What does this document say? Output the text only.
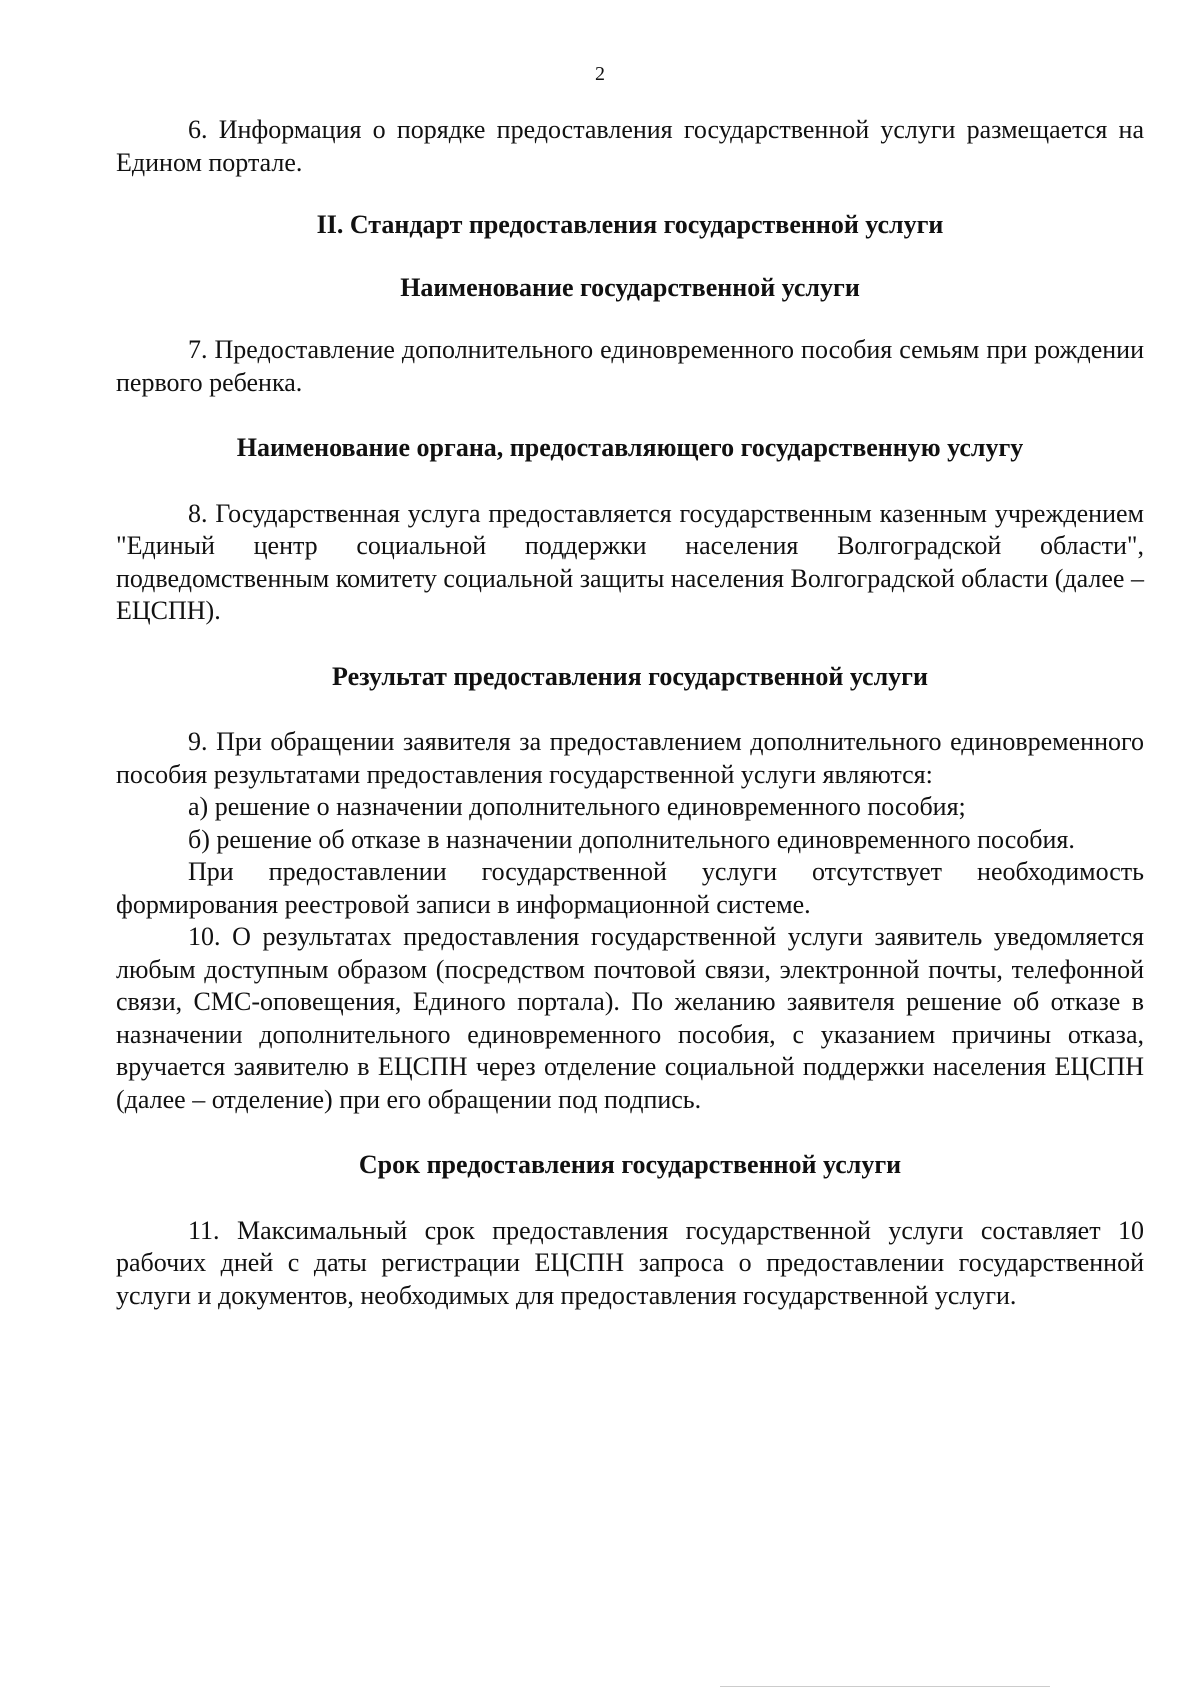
2

6. Информация о порядке предоставления государственной услуги размещается на Едином портале.

II. Стандарт предоставления государственной услуги
Наименование государственной услуги

7. Предоставление дополнительного единовременного пособия семьям при рождении первого ребенка.

Наименование органа, предоставляющего государственную услугу

8. Государственная услуга предоставляется государственным казенным учреждением "Единый центр социальной поддержки населения Волгоградской области", подведомственным комитету социальной защиты населения Волгоградской области (далее – ЕЦСПН).

Результат предоставления государственной услуги

9. При обращении заявителя за предоставлением дополнительного единовременного пособия результатами предоставления государственной услуги являются:

а) решение о назначении дополнительного единовременного пособия;

б) решение об отказе в назначении дополнительного единовременного пособия.

При предоставлении государственной услуги отсутствует необходимость формирования реестровой записи в информационной системе.

10. О результатах предоставления государственной услуги заявитель уведомляется любым доступным образом (посредством почтовой связи, электронной почты, телефонной связи, СМС-оповещения, Единого портала). По желанию заявителя решение об отказе в назначении дополнительного единовременного пособия, с указанием причины отказа, вручается заявителю в ЕЦСПН через отделение социальной поддержки населения ЕЦСПН (далее – отделение) при его обращении под подпись.

Срок предоставления государственной услуги

11. Максимальный срок предоставления государственной услуги составляет 10 рабочих дней с даты регистрации ЕЦСПН запроса о предоставлении государственной услуги и документов, необходимых для предоставления государственной услуги.
